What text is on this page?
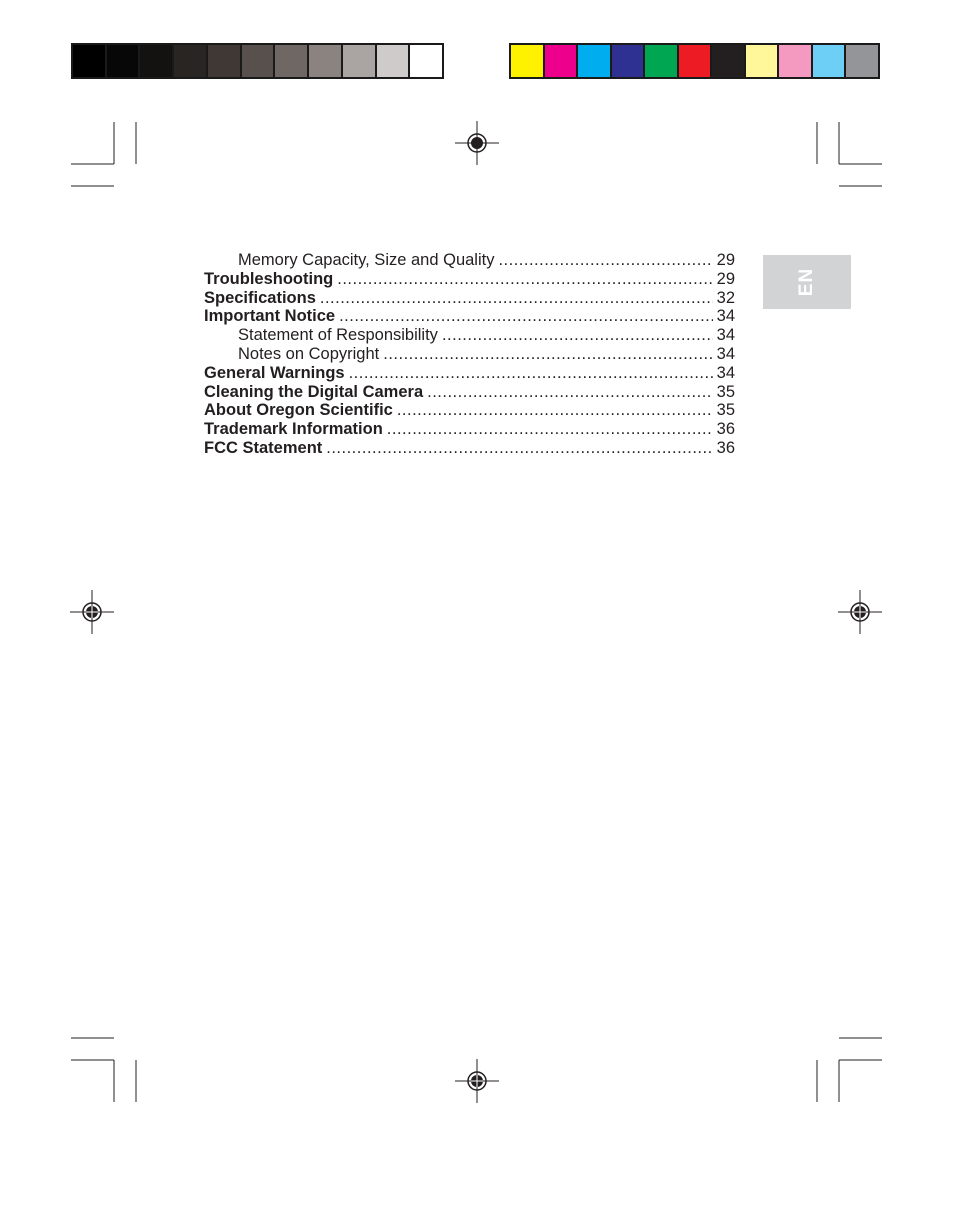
Memory Capacity, Size and Quality .....	29
Troubleshooting .....	29
Specifications .....	32
Important Notice .....	34
Statement of Responsibility .....	34
Notes on Copyright .....	34
General Warnings .....	34
Cleaning the Digital Camera .....	35
About Oregon Scientific .....	35
Trademark Information .....	36
FCC Statement .....	36
EN
